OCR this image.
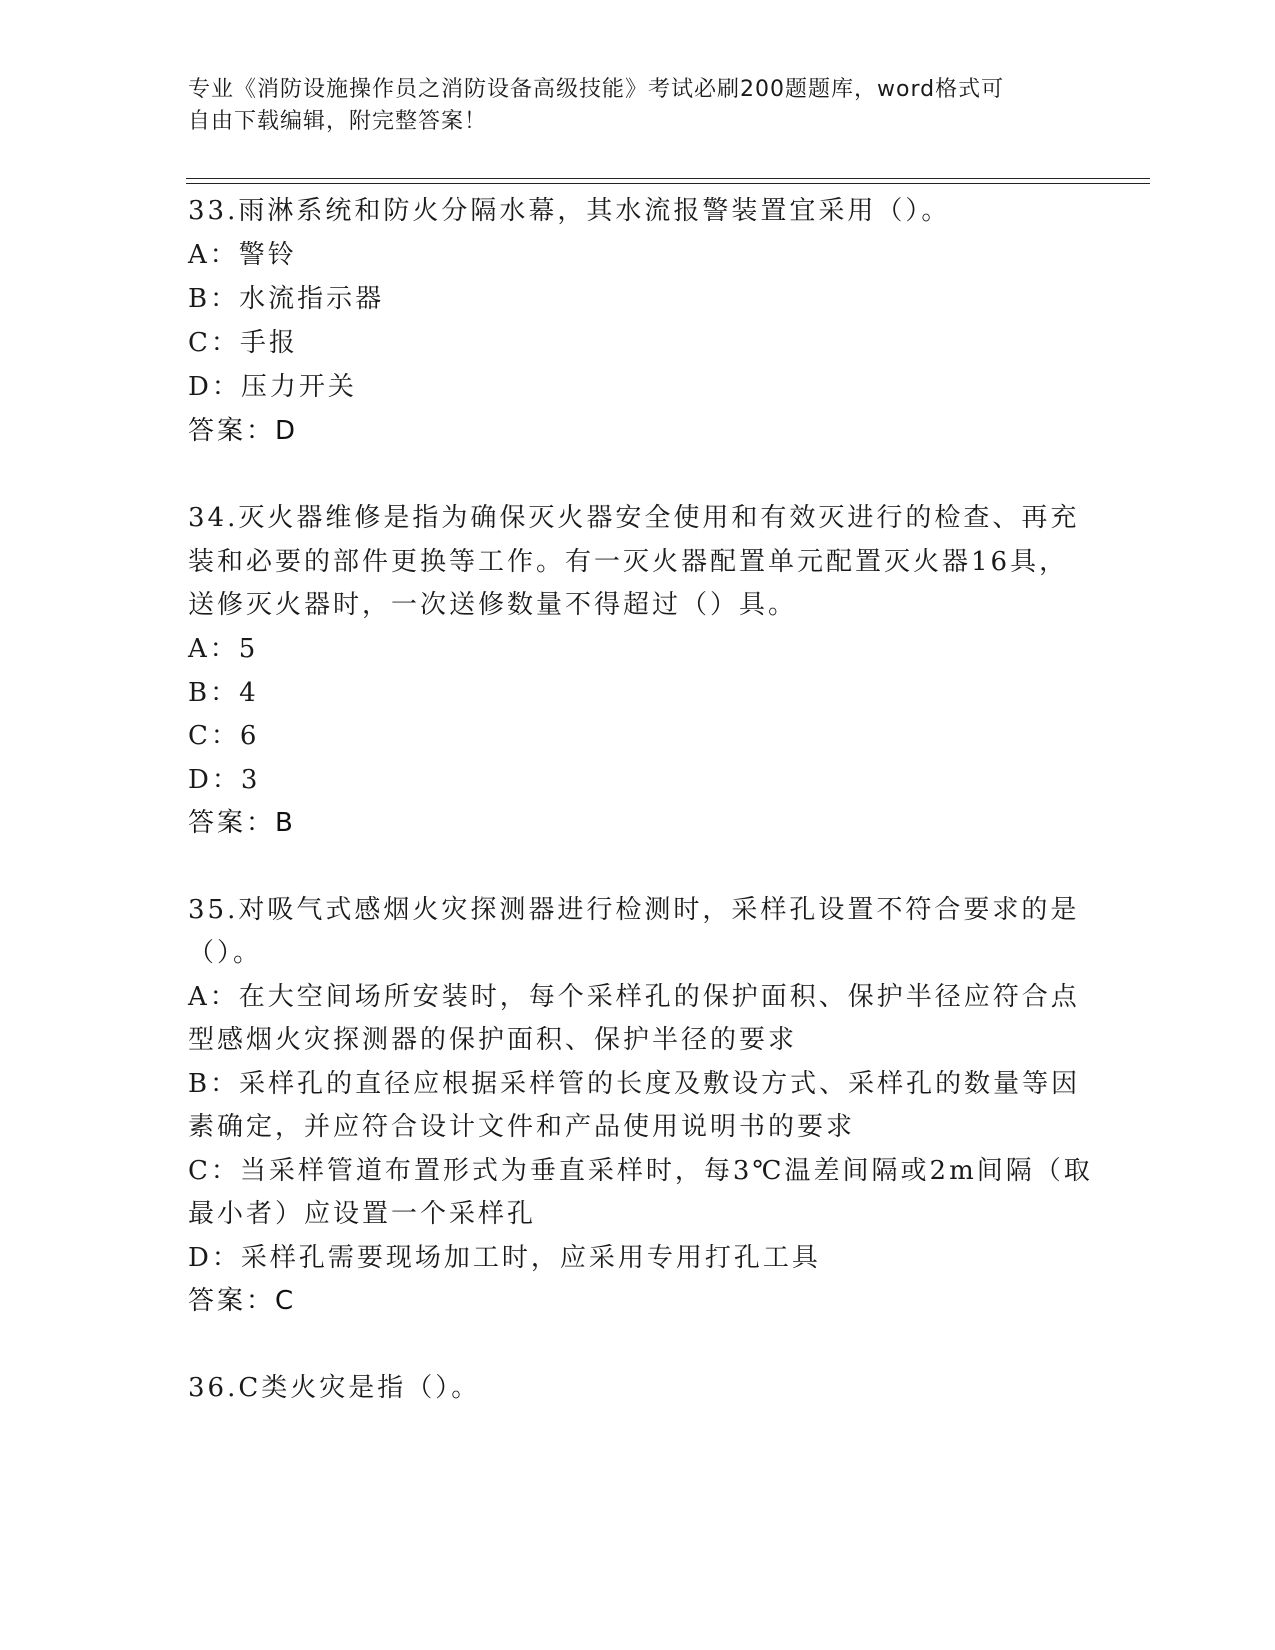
专业《消防设施操作员之消防设备高级技能》考试必刷200题题库，word格式可
自由下载编辑，附完整答案！
33.雨淋系统和防火分隔水幕，其水流报警装置宜采用（）。
A：警铃
B：水流指示器
C：手报
D：压力开关
答案：D
34.灭火器维修是指为确保灭火器安全使用和有效灭进行的检查、再充
装和必要的部件更换等工作。有一灭火器配置单元配置灭火器16具，
送修灭火器时，一次送修数量不得超过（）具。
A：5
B：4
C：6
D：3
答案：B
35.对吸气式感烟火灾探测器进行检测时，采样孔设置不符合要求的是
（）。
A：在大空间场所安装时，每个采样孔的保护面积、保护半径应符合点
型感烟火灾探测器的保护面积、保护半径的要求
B：采样孔的直径应根据采样管的长度及敷设方式、采样孔的数量等因
素确定，并应符合设计文件和产品使用说明书的要求
C：当采样管道布置形式为垂直采样时，每3℃温差间隔或2m间隔（取
最小者）应设置一个采样孔
D：采样孔需要现场加工时，应采用专用打孔工具
答案：C
36.C类火灾是指（）。
